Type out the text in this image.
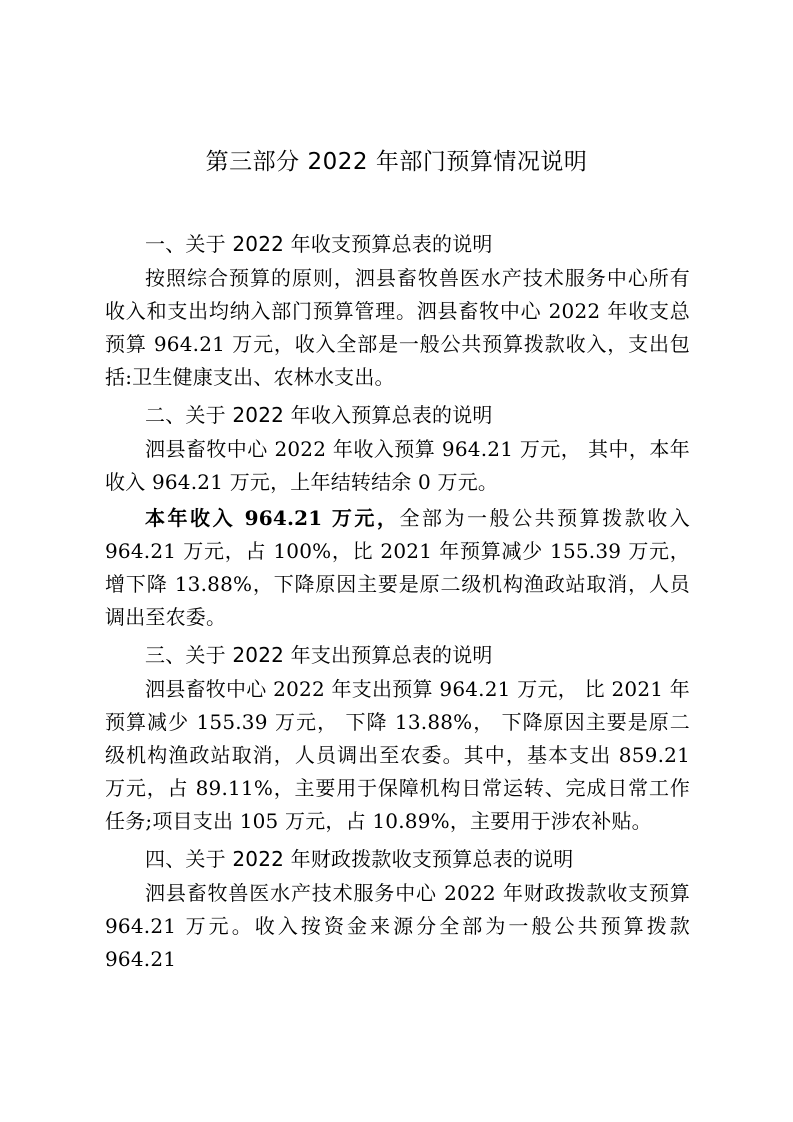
第三部分 2022 年部门预算情况说明

一、关于 2022 年收支预算总表的说明

按照综合预算的原则，泗县畜牧兽医水产技术服务中心所有收入和支出均纳入部门预算管理。泗县畜牧中心 2022 年收支总预算 964.21 万元，收入全部是一般公共预算拨款收入，支出包括:卫生健康支出、农林水支出。

二、关于 2022 年收入预算总表的说明

泗县畜牧中心 2022 年收入预算 964.21 万元， 其中，本年收入 964.21 万元，上年结转结余 0 万元。

本年收入 964.21 万元，全部为一般公共预算拨款收入 964.21 万元，占 100%，比 2021 年预算减少 155.39 万元，增下降 13.88%，下降原因主要是原二级机构渔政站取消，人员调出至农委。

三、关于 2022 年支出预算总表的说明

泗县畜牧中心 2022 年支出预算 964.21 万元， 比 2021 年预算减少 155.39 万元， 下降 13.88%， 下降原因主要是原二级机构渔政站取消，人员调出至农委。其中，基本支出 859.21 万元，占 89.11%，主要用于保障机构日常运转、完成日常工作任务;项目支出 105 万元，占 10.89%，主要用于涉农补贴。

四、关于 2022 年财政拨款收支预算总表的说明

泗县畜牧兽医水产技术服务中心 2022 年财政拨款收支预算 964.21 万元。收入按资金来源分全部为一般公共预算拨款 964.21
